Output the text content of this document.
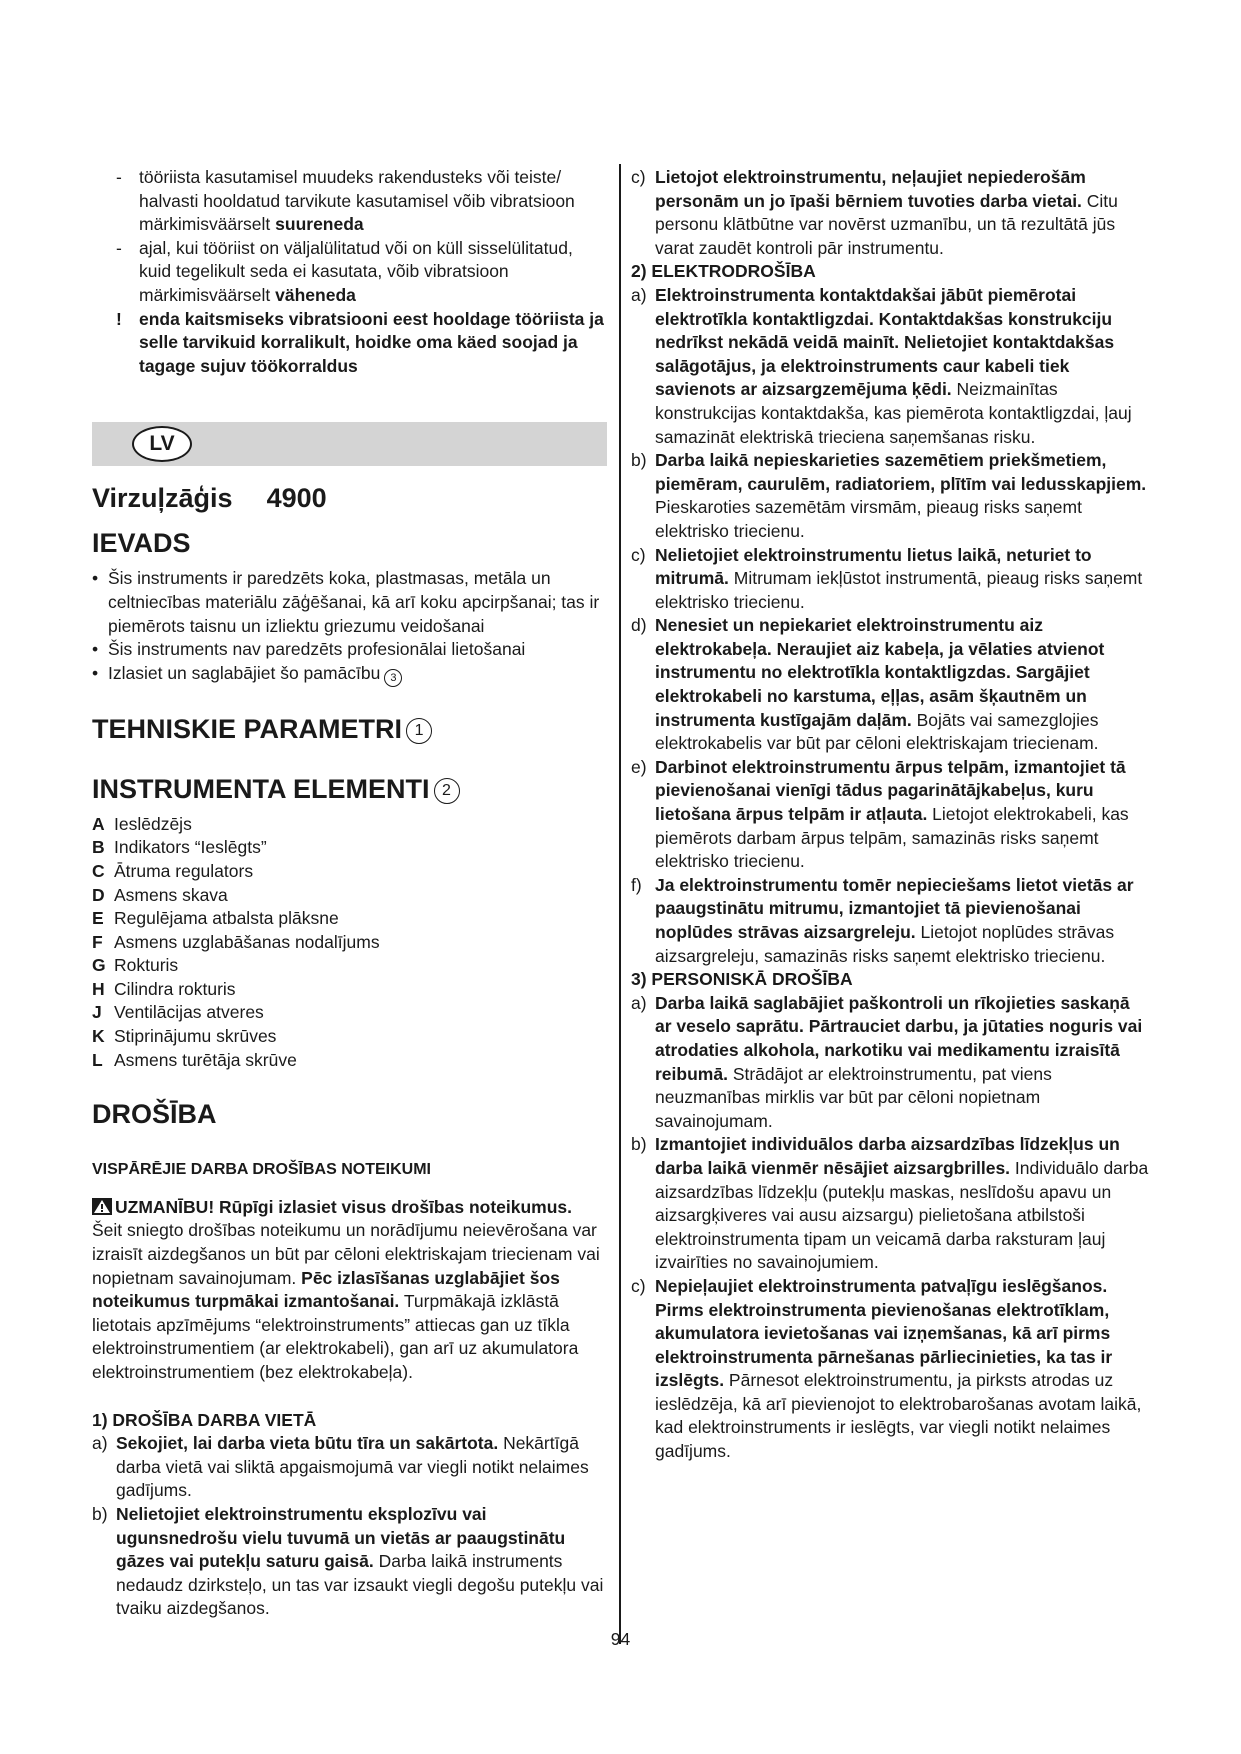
- tööriista kasutamisel muudeks rakendusteks või teiste/ halvasti hooldatud tarvikute kasutamisel võib vibratsioon märkimisväärselt suureneda
- ajal, kui tööriist on väljalülitatud või on küll sisselülitatud, kuid tegelikult seda ei kasutata, võib vibratsioon märkimisväärselt väheneda
! enda kaitsmiseks vibratsiooni eest hooldage tööriista ja selle tarvikuid korralikult, hoidke oma käed soojad ja tagage sujuv töökorraldus
LV
Virzuļzāģis 4900
IEVADS
• Šis instruments ir paredzēts koka, plastmasas, metāla un celtniecības materiālu zāģēšanai, kā arī koku apcirpšanai; tas ir piemērots taisnu un izliektu griezumu veidošanai
• Šis instruments nav paredzēts profesionālai lietošanai
• Izlasiet un saglabājiet šo pamācību 3
TEHNISKIE PARAMETRI 1
INSTRUMENTA ELEMENTI 2
A Ieslēdzējs
B Indikators “Ieslēgts”
C Ātruma regulators
D Asmens skava
E Regulējama atbalsta plāksne
F Asmens uzglabāšanas nodalījums
G Rokturis
H Cilindra rokturis
J Ventilācijas atveres
K Stiprinājumu skrūves
L Asmens turētāja skrūve
DROŠĪBA
VISPĀRĒJIE DARBA DROŠĪBAS NOTEIKUMI

UZMANĪBU! Rūpīgi izlasiet visus drošības noteikumus. Šeit sniegto drošības noteikumu un norādījumu neievērošana var izraisīt aizdegšanos un būt par cēloni elektriskajam triecienam vai nopietnam savainojumam. Pēc izlasīšanas uzglabājiet šos noteikumus turpmākai izmantošanai. Turpmākajā izklāstā lietotais apzīmējums “elektroinstruments” attiecas gan uz tīkla elektroinstrumentiem (ar elektrokabeli), gan arī uz akumulatora elektroinstrumentiem (bez elektrokabeļa).

1) DROŠĪBA DARBA VIETĀ
a) Sekojiet, lai darba vieta būtu tīra un sakārtota. Nekārtīgā darba vietā vai sliktā apgaismojumā var viegli notikt nelaimes gadījums.
b) Nelietojiet elektroinstrumentu eksplozīvu vai ugunsnedrošu vielu tuvumā un vietās ar paaugstinātu gāzes vai putekļu saturu gaisā. Darba laikā instruments nedaudz dzirksteļo, un tas var izsaukt viegli degošu putekļu vai tvaiku aizdegšanos.
c) Lietojot elektroinstrumentu, neļaujiet nepiederošām personām un jo īpaši bērniem tuvoties darba vietai. Citu personu klātbūtne var novērst uzmanību, un tā rezultātā jūs varat zaudēt kontroli pār instrumentu.
2) ELEKTRODROŠĪBA
a) Elektroinstrumenta kontaktdakšai jābūt piemērotai elektrotīkla kontaktligzdai. Kontaktdakšas konstrukciju nedrīkst nekādā veidā mainīt. Nelietojiet kontaktdakšas salāgotājus, ja elektroinstruments caur kabeli tiek savienots ar aizsargzemējuma ķēdi. Neizmainītas konstrukcijas kontaktdakša, kas piemērota kontaktligzdai, ļauj samazināt elektriskā trieciena saņemšanas risku.
b) Darba laikā nepieskarieties sazemētiem priekšmetiem, piemēram, caurulēm, radiatoriem, plītīm vai ledusskapjiem. Pieskaroties sazemētām virsmām, pieaug risks saņemt elektrisko triecienu.
c) Nelietojiet elektroinstrumentu lietus laikā, neturiet to mitrumā. Mitrumam iekļūstot instrumentā, pieaug risks saņemt elektrisko triecienu.
d) Nenesiet un nepiekariet elektroinstrumentu aiz elektrokabeļa. Neraujiet aiz kabeļa, ja vēlaties atvienot instrumentu no elektrotīkla kontaktligzdas. Sargājiet elektrokabeli no karstuma, eļļas, asām šķautnēm un instrumenta kustīgajām daļām. Bojāts vai samezglojies elektrokabelis var būt par cēloni elektriskajam triecienam.
e) Darbinot elektroinstrumentu ārpus telpām, izmantojiet tā pievienošanai vienīgi tādus pagarinātājkabeļus, kuru lietošana ārpus telpām ir atļauta. Lietojot elektrokabeli, kas piemērots darbam ārpus telpām, samazinās risks saņemt elektrisko triecienu.
f) Ja elektroinstrumentu tomēr nepieciešams lietot vietās ar paaugstinātu mitrumu, izmantojiet tā pievienošanai noplūdes strāvas aizsargreleju. Lietojot noplūdes strāvas aizsargreleju, samazinās risks saņemt elektrisko triecienu.
3) PERSONISKĀ DROŠĪBA
a) Darba laikā saglabājiet paškontroli un rīkojieties saskaņā ar veselo saprātu. Pārtrauciet darbu, ja jūtaties noguris vai atrodaties alkohola, narkotiku vai medikamentu izraisītā reibumā. Strādājot ar elektroinstrumentu, pat viens neuzmanības mirklis var būt par cēloni nopietnam savainojumam.
b) Izmantojiet individuālos darba aizsardzības līdzekļus un darba laikā vienmēr nēsājiet aizsargbrilles. Individuālo darba aizsardzības līdzekļu (putekļu maskas, neslīdošu apavu un aizsargķiveres vai ausu aizsargu) pielietošana atbilstoši elektroinstrumenta tipam un veicamā darba raksturam ļauj izvairīties no savainojumiem.
c) Nepieļaujiet elektroinstrumenta patvaļīgu ieslēgšanos. Pirms elektroinstrumenta pievienošanas elektrotīklam, akumulatora ievietošanas vai izņemšanas, kā arī pirms elektroinstrumenta pārnešanas pārliecinieties, ka tas ir izslēgts. Pārnesot elektroinstrumentu, ja pirksts atrodas uz ieslēdzēja, kā arī pievienojot to elektrobarošanas avotam laikā, kad elektroinstruments ir ieslēgts, var viegli notikt nelaimes gadījums.
94
